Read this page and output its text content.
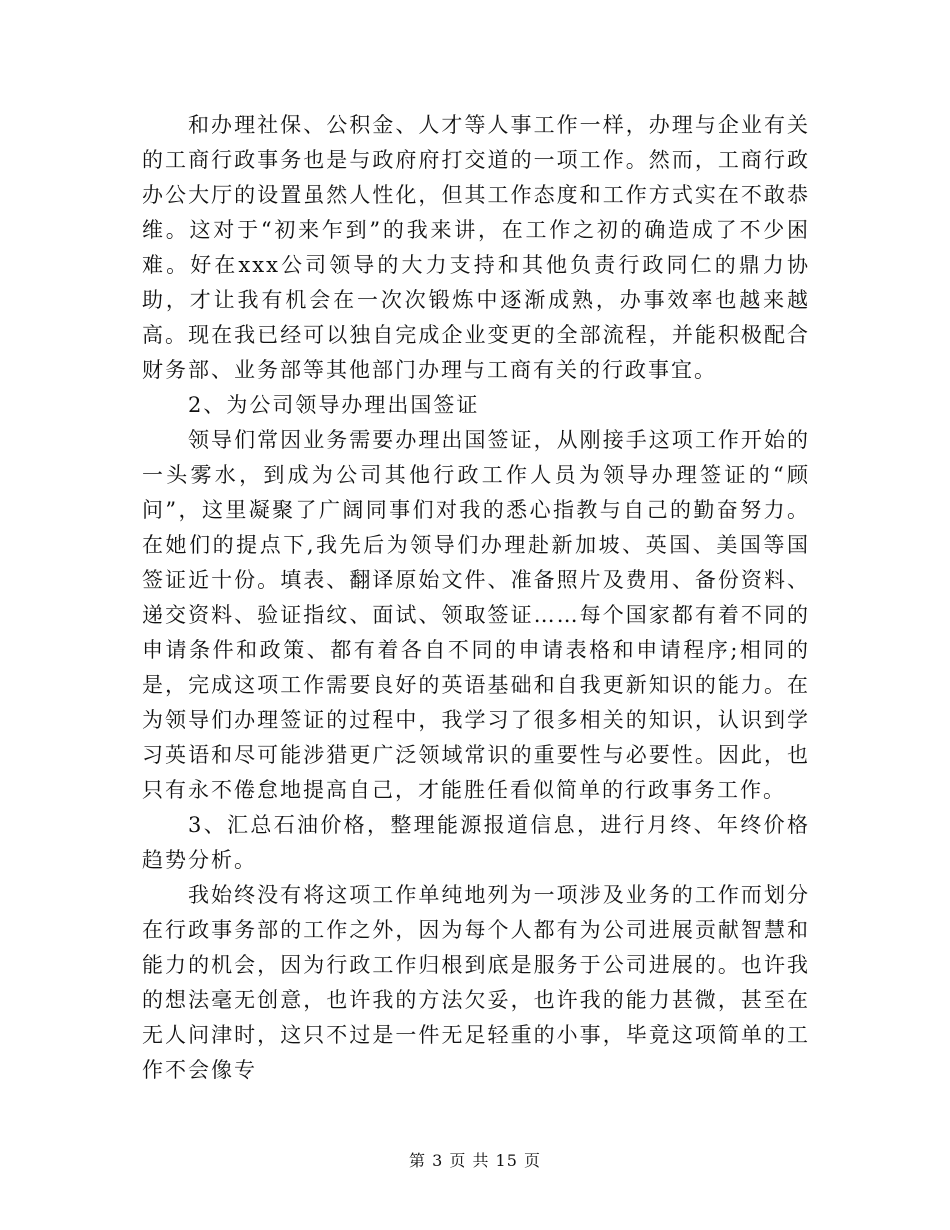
和办理社保、公积金、人才等人事工作一样，办理与企业有关的工商行政事务也是与政府府打交道的一项工作。然而，工商行政办公大厅的设置虽然人性化，但其工作态度和工作方式实在不敢恭维。这对于“初来乍到”的我来讲，在工作之初的确造成了不少困难。好在xxx公司领导的大力支持和其他负责行政同仁的鼎力协助，才让我有机会在一次次锻炼中逐渐成熟，办事效率也越来越高。现在我已经可以独自完成企业变更的全部流程，并能积极配合财务部、业务部等其他部门办理与工商有关的行政事宜。

2、为公司领导办理出国签证

领导们常因业务需要办理出国签证，从刚接手这项工作开始的一头雾水，到成为公司其他行政工作人员为领导办理签证的“顾问”，这里凝聚了广阔同事们对我的悉心指教与自己的勤奋努力。在她们的提点下,我先后为领导们办理赴新加坡、英国、美国等国签证近十份。填表、翻译原始文件、准备照片及费用、备份资料、递交资料、验证指纹、面试、领取签证……每个国家都有着不同的申请条件和政策、都有着各自不同的申请表格和申请程序;相同的是，完成这项工作需要良好的英语基础和自我更新知识的能力。在为领导们办理签证的过程中，我学习了很多相关的知识，认识到学习英语和尽可能涉猎更广泛领域常识的重要性与必要性。因此，也只有永不倦怠地提高自己，才能胜任看似简单的行政事务工作。

3、汇总石油价格，整理能源报道信息，进行月终、年终价格趋势分析。

我始终没有将这项工作单纯地列为一项涉及业务的工作而划分在行政事务部的工作之外，因为每个人都有为公司进展贡献智慧和能力的机会，因为行政工作归根到底是服务于公司进展的。也许我的想法毫无创意，也许我的方法欠妥，也许我的能力甚微，甚至在无人问津时，这只不过是一件无足轻重的小事，毕竟这项简单的工作不会像专

第 3 页 共 15 页
